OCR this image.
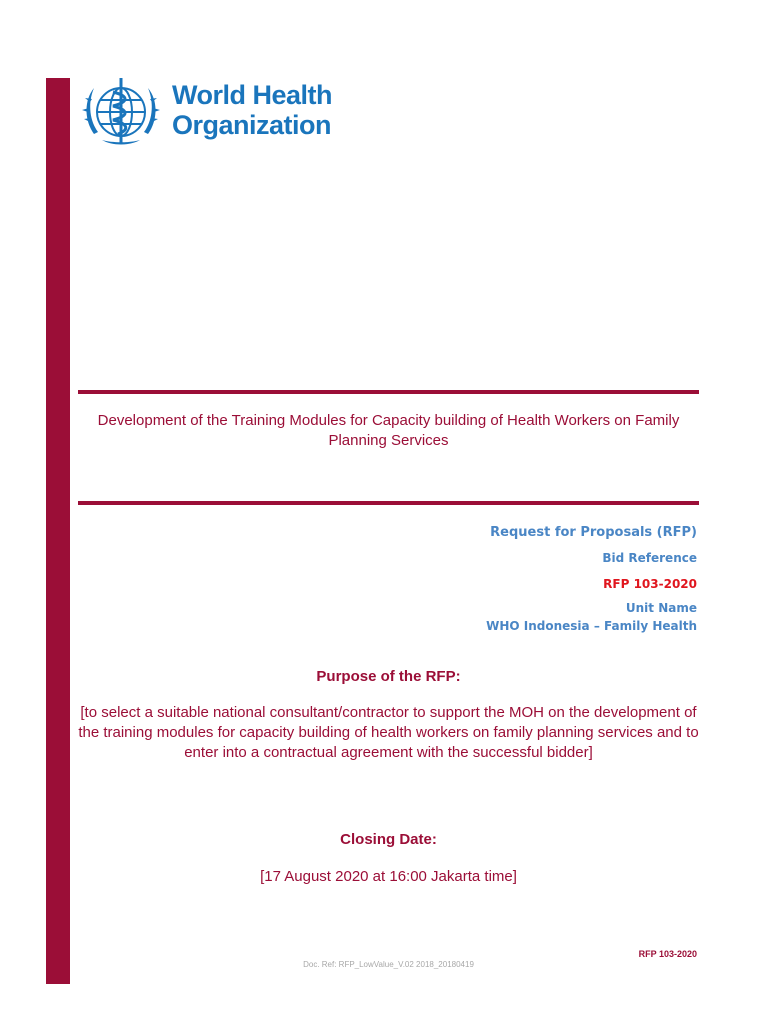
World Health
Organization
Development of the Training Modules for Capacity building of Health Workers on Family Planning Services
Request for Proposals (RFP)
Bid Reference
RFP 103-2020
Unit Name
WHO Indonesia – Family Health
Purpose of the RFP:
[to select a suitable national consultant/contractor to support the MOH on the development of the training modules for capacity building of health workers on family planning services and to enter into a contractual agreement with the successful bidder]
Closing Date:
[17 August 2020 at 16:00 Jakarta time]
RFP 103-2020
Doc. Ref: RFP_LowValue_V.02 2018_20180419
